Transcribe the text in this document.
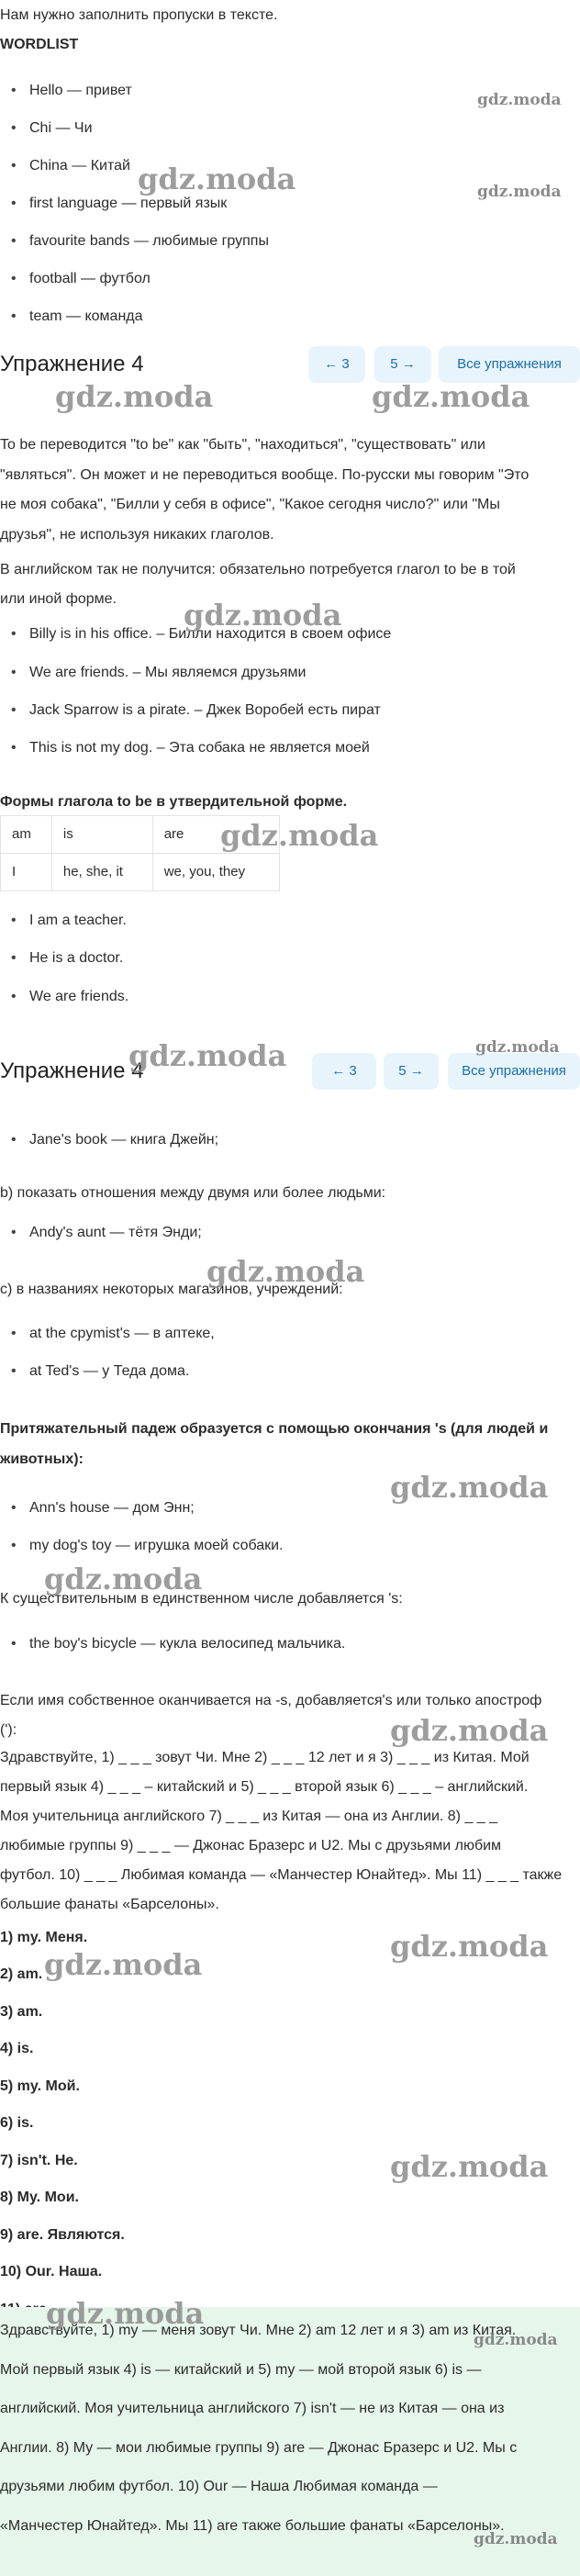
Нам нужно заполнить пропуски в тексте.

WORDLIST

• Hello — привет

• Chi — Чи

• China — Китай

• first language — первый язык

• favourite bands — любимые группы

• football — футбол

• team — команда

Упражнение 4	← 3	5 →	Все упражнения

To be переводится "to be" как "быть", "находиться", "существовать" или

"являться". Он может и не переводиться вообще. По-русски мы говорим "Это

не моя собака", "Билли у себя в офисе", "Какое сегодня число?" или "Мы

друзья", не используя никаких глаголов.

В английском так не получится: обязательно потребуется глагол to be в той

или иной форме.

• Billy is in his office. – Билли находится в своем офисе

• We are friends. – Мы являемся друзьями

• Jack Sparrow is a pirate. – Джек Воробей есть пират

• This is not my dog. – Эта собака не является моей

Формы глагола to be в утвердительной форме.

am	is	are
I	he, she, it	we, you, they

• I am a teacher.

• He is a doctor.

• We are friends.

Упражнение 4	← 3	5 →	Все упражнения

• Jane's book — книга Джейн;

b) показать отношения между двумя или более людьми:

• Andy's aunt — тётя Энди;

c) в названиях некоторых магазинов, учреждений:

• at the срymist's — в аптеке,

• at Ted's — у Теда дома.

Притяжательный падеж образуется с помощью окончания 's (для людей и

животных):

• Ann's house — дом Энн;

• my dog's toy — игрушка моей собаки.

К существительным в единственном числе добавляется 's:

• the boy's bicycle — кукла велосипед мальчика.

Если имя собственное оканчивается на -s, добавляется's или только апостроф

('):

Здравствуйте, 1) _ _ _ зовут Чи. Мне 2) _ _ _ 12 лет и я 3) _ _ _ из Китая. Мой

первый язык 4) _ _ _ – китайский и 5) _ _ _ второй язык 6) _ _ _ – английский.

Моя учительница английского 7) _ _ _ из Китая — она из Англии. 8) _ _ _

любимые группы 9) _ _ _ — Джонас Бразерс и U2. Мы с друзьями любим

футбол. 10) _ _ _ Любимая команда — «Манчестер Юнайтед». Мы 11) _ _ _ также

большие фанаты «Барселоны».

1) my. Меня.

2) am.

3) am.

4) is.

5) my. Мой.

6) is.

7) isn't. Не.

8) My. Мои.

9) are. Являются.

10) Our. Наша.

Здравствуйте, 1) my — меня зовут Чи. Мне 2) am 12 лет и я 3) am из Китая.

Мой первый язык 4) is — китайский и 5) my — мой второй язык 6) is —

английский. Моя учительница английского 7) isn't — не из Китая — она из

Англии. 8) My — мои любимые группы 9) are — Джонас Бразерс и U2. Мы с

друзьями любим футбол. 10) Our — Наша Любимая команда —

«Манчестер Юнайтед». Мы 11) are также большие фанаты «Барселоны».

gdz.moda
gdz.moda	gdz.moda
gdz.moda	gdz.moda
gdz.moda
gdz.moda
gdz.moda	gdz.moda
gdz.moda
gdz.moda
gdz.moda
gdz.moda
gdz.moda
gdz.moda
gdz.moda
gdz.moda
gdz.moda
gdz.moda
